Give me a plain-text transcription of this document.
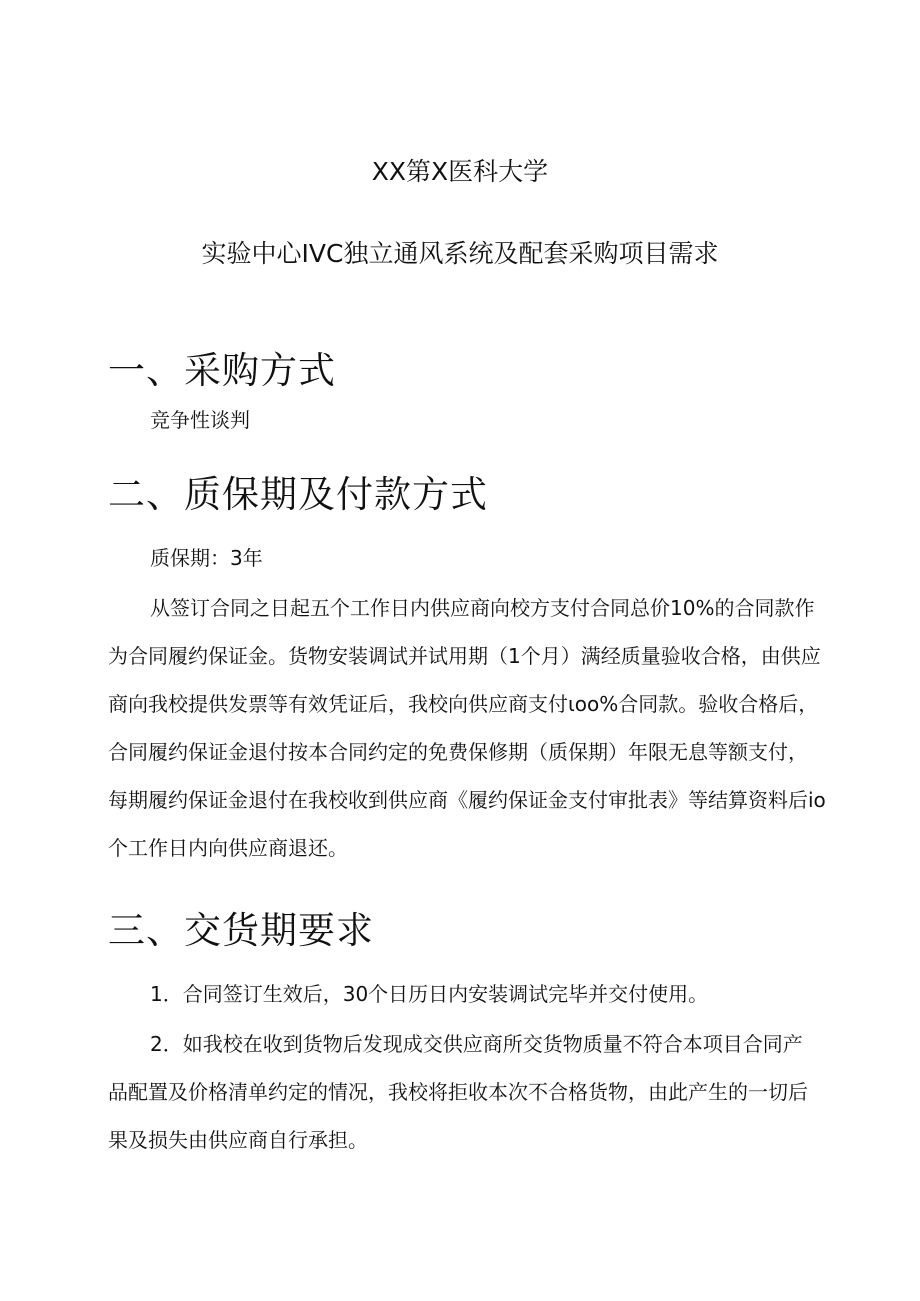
XX第X医科大学
实验中心IVC独立通风系统及配套采购项目需求
一、采购方式
竞争性谈判
二、质保期及付款方式
质保期：3年
从签订合同之日起五个工作日内供应商向校方支付合同总价10%的合同款作
为合同履约保证金。货物安装调试并试用期（1个月）满经质量验收合格，由供应
商向我校提供发票等有效凭证后，我校向供应商支付ιoo%合同款。验收合格后，
合同履约保证金退付按本合同约定的免费保修期（质保期）年限无息等额支付，
每期履约保证金退付在我校收到供应商《履约保证金支付审批表》等结算资料后io
个工作日内向供应商退还。
三、交货期要求
1．合同签订生效后，30个日历日内安装调试完毕并交付使用。
2．如我校在收到货物后发现成交供应商所交货物质量不符合本项目合同产
品配置及价格清单约定的情况，我校将拒收本次不合格货物，由此产生的一切后
果及损失由供应商自行承担。
